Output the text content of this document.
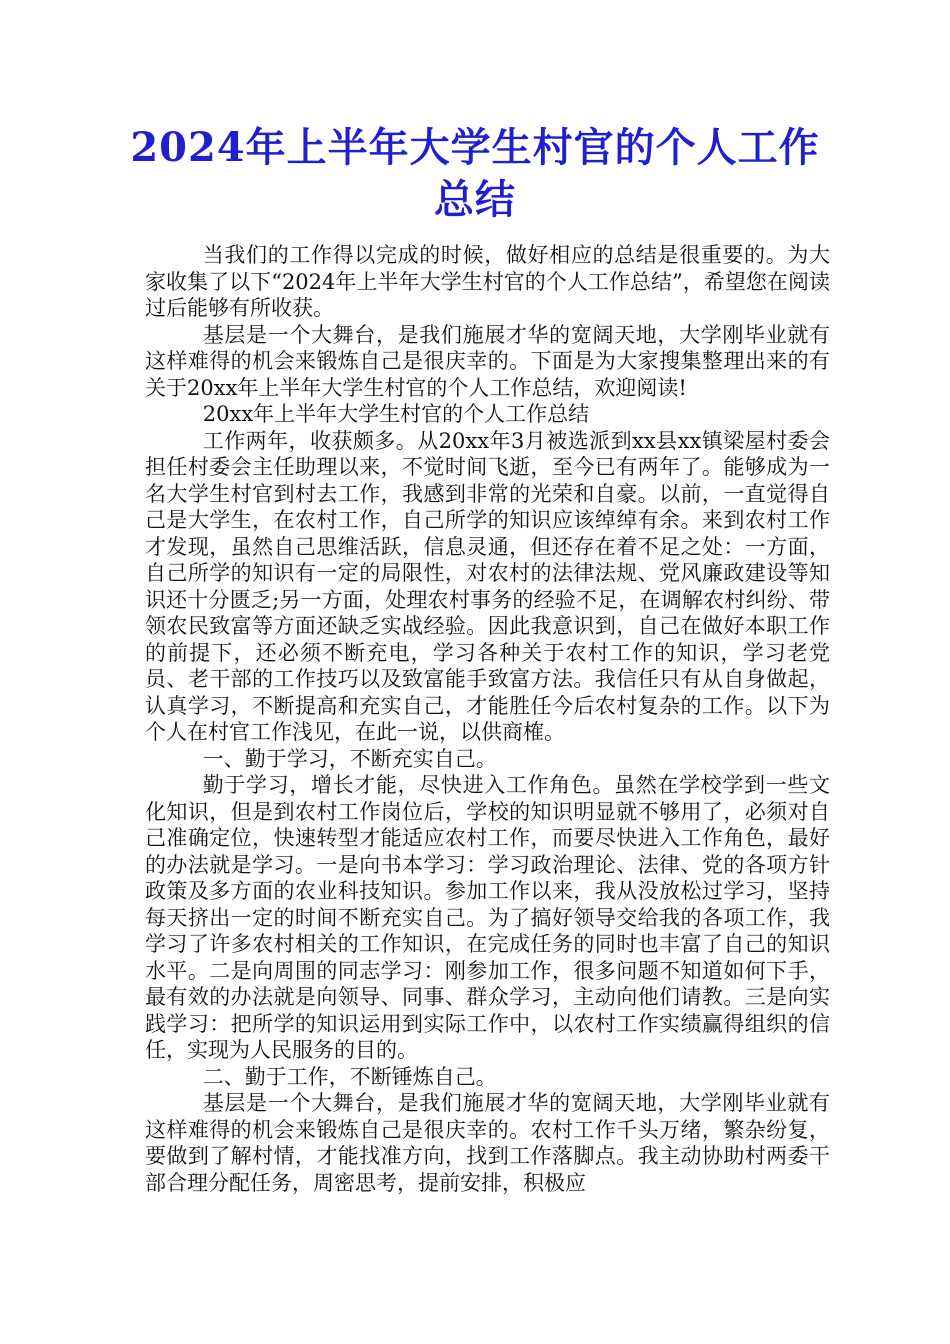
2024年上半年大学生村官的个人工作总结

当我们的工作得以完成的时候，做好相应的总结是很重要的。为大家收集了以下“2024年上半年大学生村官的个人工作总结”，希望您在阅读过后能够有所收获。

基层是一个大舞台，是我们施展才华的宽阔天地，大学刚毕业就有这样难得的机会来锻炼自己是很庆幸的。下面是为大家搜集整理出来的有关于20xx年上半年大学生村官的个人工作总结，欢迎阅读!

20xx年上半年大学生村官的个人工作总结

工作两年，收获颇多。从20xx年3月被选派到xx县xx镇梁屋村委会担任村委会主任助理以来，不觉时间飞逝，至今已有两年了。能够成为一名大学生村官到村去工作，我感到非常的光荣和自豪。以前，一直觉得自己是大学生，在农村工作，自己所学的知识应该绰绰有余。来到农村工作才发现，虽然自己思维活跃，信息灵通，但还存在着不足之处：一方面，自己所学的知识有一定的局限性，对农村的法律法规、党风廉政建设等知识还十分匮乏;另一方面，处理农村事务的经验不足，在调解农村纠纷、带领农民致富等方面还缺乏实战经验。因此我意识到，自己在做好本职工作的前提下，还必须不断充电，学习各种关于农村工作的知识，学习老党员、老干部的工作技巧以及致富能手致富方法。我信任只有从自身做起，认真学习，不断提高和充实自己，才能胜任今后农村复杂的工作。以下为个人在村官工作浅见，在此一说，以供商榷。

一、勤于学习，不断充实自己。

勤于学习，增长才能，尽快进入工作角色。虽然在学校学到一些文化知识，但是到农村工作岗位后，学校的知识明显就不够用了，必须对自己准确定位，快速转型才能适应农村工作，而要尽快进入工作角色，最好的办法就是学习。一是向书本学习：学习政治理论、法律、党的各项方针政策及多方面的农业科技知识。参加工作以来，我从没放松过学习，坚持每天挤出一定的时间不断充实自己。为了搞好领导交给我的各项工作，我学习了许多农村相关的工作知识，在完成任务的同时也丰富了自己的知识水平。二是向周围的同志学习：刚参加工作，很多问题不知道如何下手，最有效的办法就是向领导、同事、群众学习，主动向他们请教。三是向实践学习：把所学的知识运用到实际工作中，以农村工作实绩赢得组织的信任，实现为人民服务的目的。

二、勤于工作，不断锤炼自己。

基层是一个大舞台，是我们施展才华的宽阔天地，大学刚毕业就有这样难得的机会来锻炼自己是很庆幸的。农村工作千头万绪，繁杂纷复，要做到了解村情，才能找准方向，找到工作落脚点。我主动协助村两委干部合理分配任务，周密思考，提前安排，积极应
